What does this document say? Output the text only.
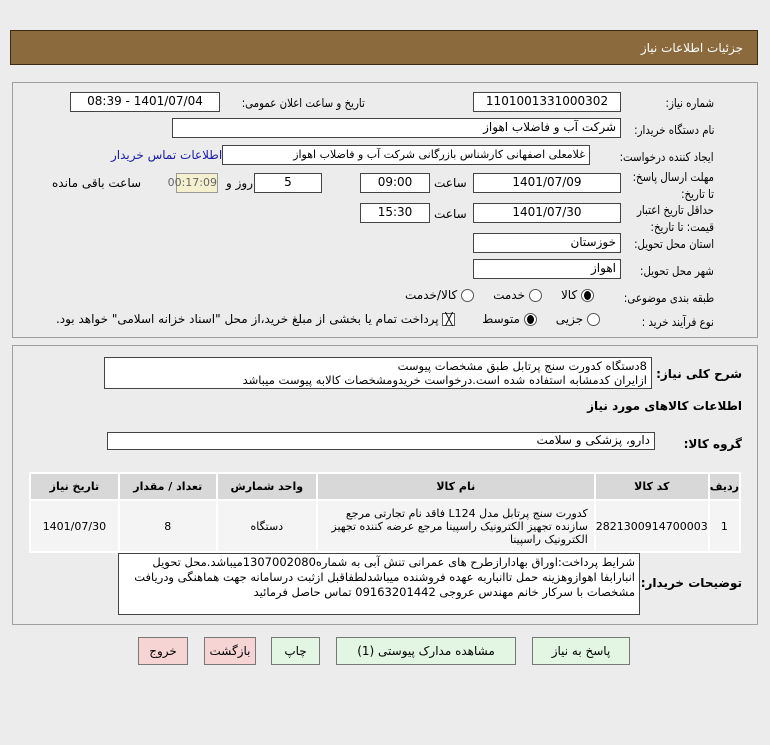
جزئیات اطلاعات نیاز
شماره نیاز:
1101001331000302
تاریخ و ساعت اعلان عمومی:
1401/07/04 - 08:39
نام دستگاه خریدار:
شرکت آب و فاضلاب اهواز
ایجاد کننده درخواست:
غلامعلی اصفهانی کارشناس بازرگانی شرکت آب و فاضلاب اهواز
اطلاعات تماس خریدار
مهلت ارسال پاسخ: تا تاریخ:
1401/07/09
ساعت
09:00
5
روز و
00:17:09
ساعت باقی مانده
حداقل تاریخ اعتبار قیمت: تا تاریخ:
1401/07/30
ساعت
15:30
استان محل تحویل:
خوزستان
شهر محل تحویل:
اهواز
طبقه بندی موضوعی:
کالا      خدمت      کالا/خدمت
نوع فرآیند خرید :
جزیی      متوسط       ╳ پرداخت تمام یا بخشی از مبلغ خرید،از محل "اسناد خزانه اسلامی" خواهد بود.
شرح کلی نیاز:
8دستگاه کدورت سنج پرتابل طبق مشخصات پیوست
ازایران کدمشابه استفاده شده است.درخواست خریدومشخصات کالابه پیوست میباشد
اطلاعات کالاهای مورد نیاز
گروه کالا:
دارو، پزشکی و سلامت
ردیف	کد کالا	نام کالا	واحد شمارش	تعداد / مقدار	تاریخ نیاز
1	2821300914700003	کدورت سنج پرتابل مدل L124 فاقد نام تجارتی مرجع سازنده تجهیز الکترونیک راسپینا مرجع عرضه کننده تجهیز الکترونیک راسپینا	دستگاه	8	1401/07/30
توضیحات خریدار:
شرایط پرداخت:اوراق بهادارازطرح های عمرانی تنش آبی به شماره1307002080میباشد.محل تحویل انبارابفا اهوازوهزینه حمل تاانباربه عهده فروشنده میباشدلطفاقبل ازثبت درسامانه جهت هماهنگی ودریافت مشخصات با سرکار خانم مهندس عروجی 09163201442 تماس حاصل فرمائید
پاسخ به نیاز
مشاهده مدارک پیوستی (1)
چاپ
بازگشت
خروج
